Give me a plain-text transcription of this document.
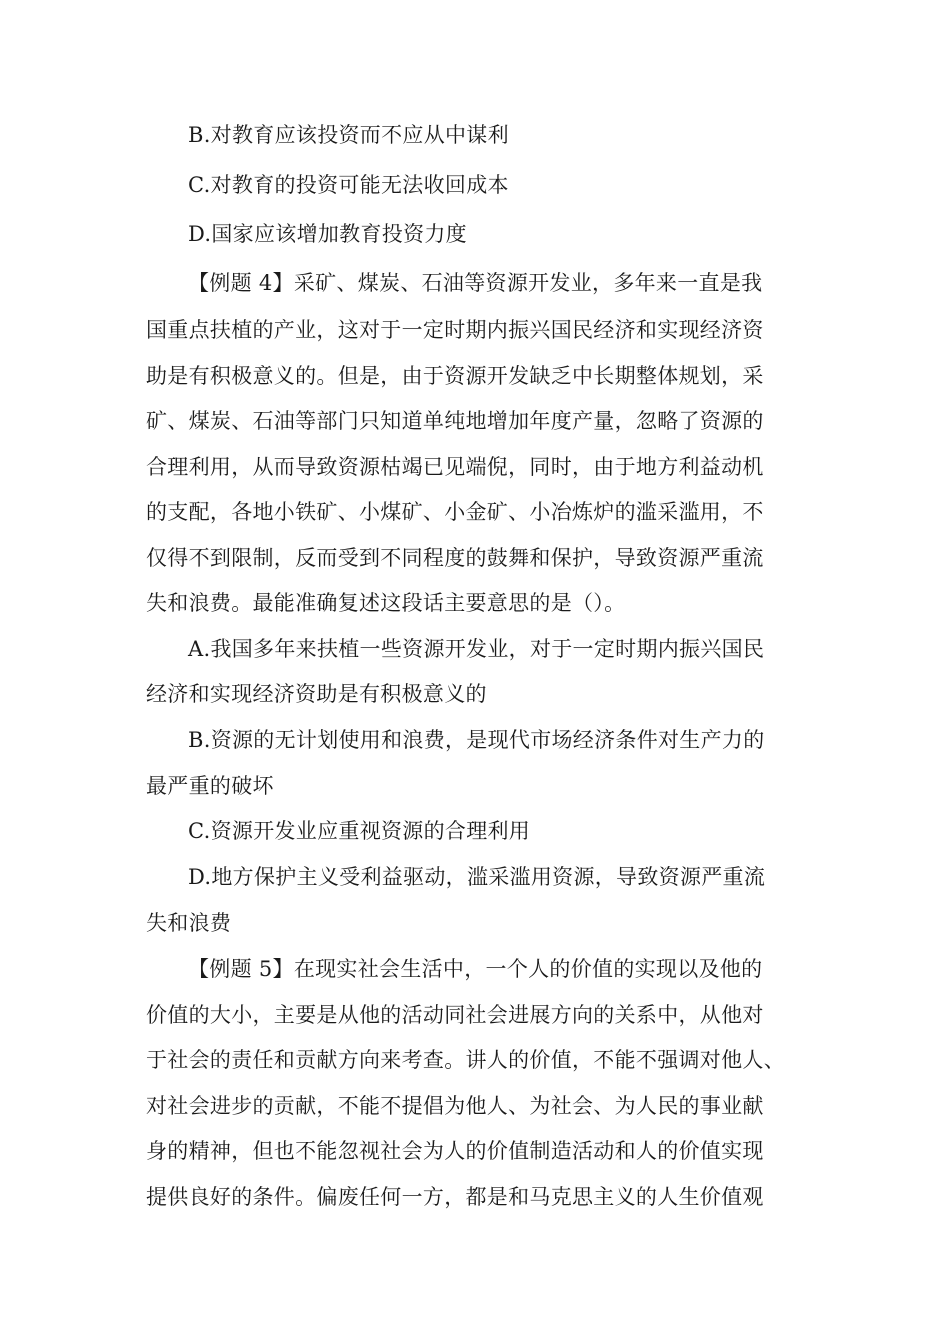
B.对教育应该投资而不应从中谋利
C.对教育的投资可能无法收回成本
D.国家应该增加教育投资力度
【例题 4】采矿、煤炭、石油等资源开发业，多年来一直是我
国重点扶植的产业，这对于一定时期内振兴国民经济和实现经济资
助是有积极意义的。但是，由于资源开发缺乏中长期整体规划，采
矿、煤炭、石油等部门只知道单纯地增加年度产量，忽略了资源的
合理利用，从而导致资源枯竭已见端倪，同时，由于地方利益动机
的支配，各地小铁矿、小煤矿、小金矿、小冶炼炉的滥采滥用，不
仅得不到限制，反而受到不同程度的鼓舞和保护，导致资源严重流
失和浪费。最能准确复述这段话主要意思的是（）。
A.我国多年来扶植一些资源开发业，对于一定时期内振兴国民
经济和实现经济资助是有积极意义的
B.资源的无计划使用和浪费，是现代市场经济条件对生产力的
最严重的破坏
C.资源开发业应重视资源的合理利用
D.地方保护主义受利益驱动，滥采滥用资源，导致资源严重流
失和浪费
【例题 5】在现实社会生活中，一个人的价值的实现以及他的
价值的大小，主要是从他的活动同社会进展方向的关系中，从他对
于社会的责任和贡献方向来考查。讲人的价值，不能不强调对他人、
对社会进步的贡献，不能不提倡为他人、为社会、为人民的事业献
身的精神，但也不能忽视社会为人的价值制造活动和人的价值实现
提供良好的条件。偏废任何一方，都是和马克思主义的人生价值观
